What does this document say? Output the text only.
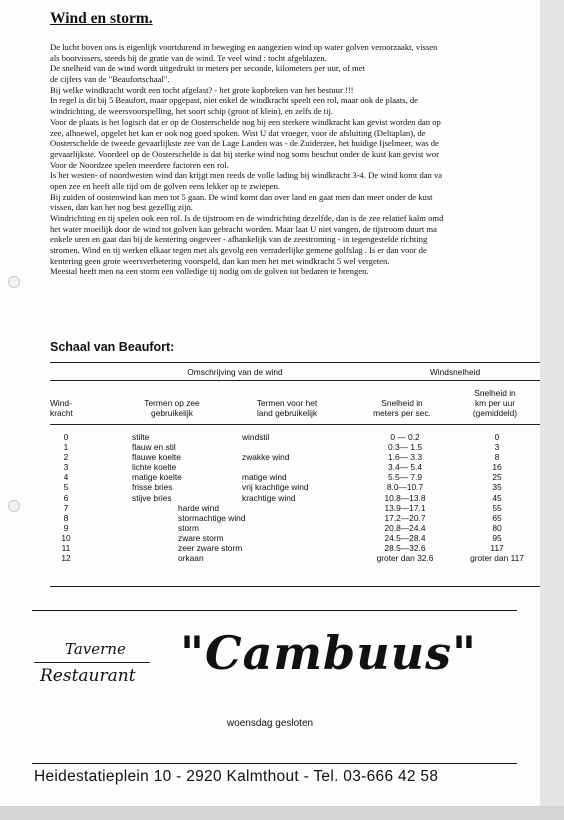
Wind en storm.
De lucht boven ons is eigenlijk voortdurend in beweging en aangezien wind op water golven veroorzaakt, vissen
als bootvissers, steeds bij de gratie van de wind. Te veel wind : tocht afgeblazen.
De snelheid van de wind wordt uitgedrukt in meters per seconde, kilometers per uur, of met
de cijfers van de "Beaufortschaal".
Bij welke windkracht wordt een tocht afgelast? - het grote kopbreken van het bestuur !!!
In regel is dit bij 5 Beaufort, maar opgepast, niet enkel de windkracht speelt een rol, maar ook de plaats, de
windrichting, de weersvoorspelling, het soort schip (groot of klein), en zelfs de tij.
Voor de plaats is het logisch dat er op de Oosterschelde nog bij een sterkere windkracht kan gevist worden dan op
zee, alhoewel, opgelet het kan er ook nog goed spoken. Wist U dat vroeger, voor de afsluiting (Deltaplan), de
Oosterschelde de tweede gevaarlijkste zee van de Lage Landen was - de Zuiderzee, het huidige Ijselmeer, was de
gevaarlijkste. Voordeel op de Oosterschelde is dat bij sterke wind nog soms beschut onder de kust kan gevist wor
Voor de Noordzee spelen meerdere factoren een rol.
Is het westen- of noordwesten wind dan krijgt men reeds de volle lading bij windkracht 3-4. De wind komt dan va
open zee en heeft alle tijd om de golven eens lekker op te zwiepen.
Bij zuiden of oostenwind kan men tot 5 gaan. De wind komt dan over land en gaat men dan meer onder de kust
vissen, dan kan het nog best gezellig zijn.
Windrichting en tij spelen ook een rol. Is de tijstroom en de windrichting dezelfde, dan is de zee relatief kalm omd
het water moeilijk door de wind tot golven kan gebracht worden. Maar laat U niet vangen, de tijstroom duurt ma
enkele uren en gaat dan bij de kentering ongeveer - afhankelijk van de zeestroming - in tegengestelde richting
stromen. Wind en tij werken elkaar tegen met als gevolg een verraderlijke gemene golfslag . Is er dan voor de
kentering geen grote weersverbetering voorspeld, dan kan men het met windkracht 5 wel vergeten.
Meestal heeft men na een storm een volledige tij nodig om de golven tot bedaren te brengen.
Schaal van Beaufort:
Omschrijving van de wind	Windsnelheid
Wind-
kracht
Termen op zee
gebruikelijk
Termen voor het
land gebruikelijk
Snelheid in
meters per sec.
Snelheid in
km per uur
(gemiddeld)
0
1
2
3
4
5
6
7
8
9
10
11
12
stilte
flauw en stil
flauwe koelte
lichte koelte
matige koelte
frisse bries
stijve bries
harde wind
stormachtige wind
storm
zware storm
zeer zware storm
orkaan
windstil
zwakke wind
matige wind
vrij krachtige wind
krachtige wind
0 — 0.2
0.3— 1.5
1.6— 3.3
3.4— 5.4
5.5— 7.9
8.0—10.7
10.8—13.8
13.9—17.1
17.2—20.7
20.8—24.4
24.5—28.4
28.5—32.6
groter dan 32.6
0
3
8
16
25
35
45
55
65
80
95
117
groter dan 117
Taverne
Restaurant "Cambuus"
woensdag gesloten
Heidestatieplein 10 - 2920 Kalmthout - Tel. 03-666 42 58
